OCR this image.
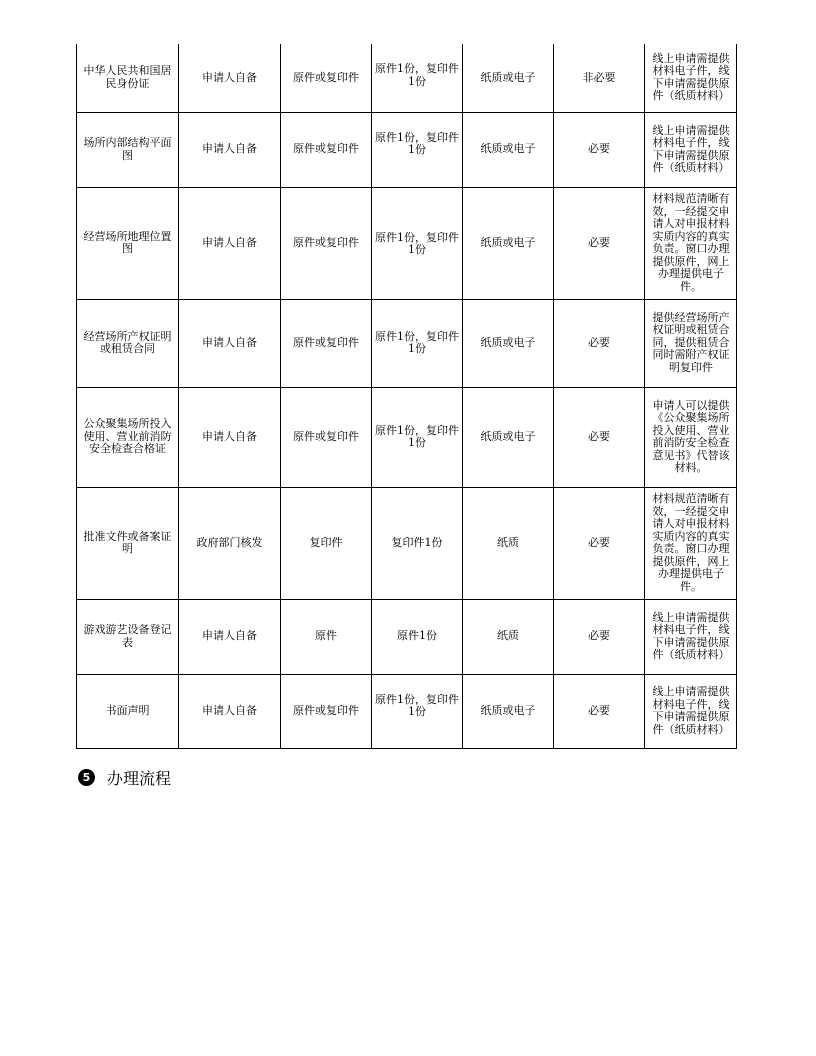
中华人民共和国居民身份证	申请人自备	原件或复印件	原件1份，复印件1份	纸质或电子	非必要	线上申请需提供材料电子件，线下申请需提供原件（纸质材料）
场所内部结构平面图	申请人自备	原件或复印件	原件1份，复印件1份	纸质或电子	必要	线上申请需提供材料电子件，线下申请需提供原件（纸质材料）
经营场所地理位置图	申请人自备	原件或复印件	原件1份，复印件1份	纸质或电子	必要	材料规范清晰有效，一经提交申请人对申报材料实质内容的真实负责。窗口办理提供原件，网上办理提供电子件。
经营场所产权证明或租赁合同	申请人自备	原件或复印件	原件1份，复印件1份	纸质或电子	必要	提供经营场所产权证明或租赁合同，提供租赁合同时需附产权证明复印件
公众聚集场所投入使用、营业前消防安全检查合格证	申请人自备	原件或复印件	原件1份，复印件1份	纸质或电子	必要	申请人可以提供《公众聚集场所投入使用、营业前消防安全检查意见书》代替该材料。
批准文件或备案证明	政府部门核发	复印件	复印件1份	纸质	必要	材料规范清晰有效，一经提交申请人对申报材料实质内容的真实负责。窗口办理提供原件，网上办理提供电子件。
游戏游艺设备登记表	申请人自备	原件	原件1份	纸质	必要	线上申请需提供材料电子件，线下申请需提供原件（纸质材料）
书面声明	申请人自备	原件或复印件	原件1份，复印件1份	纸质或电子	必要	线上申请需提供材料电子件，线下申请需提供原件（纸质材料）
5 办理流程
